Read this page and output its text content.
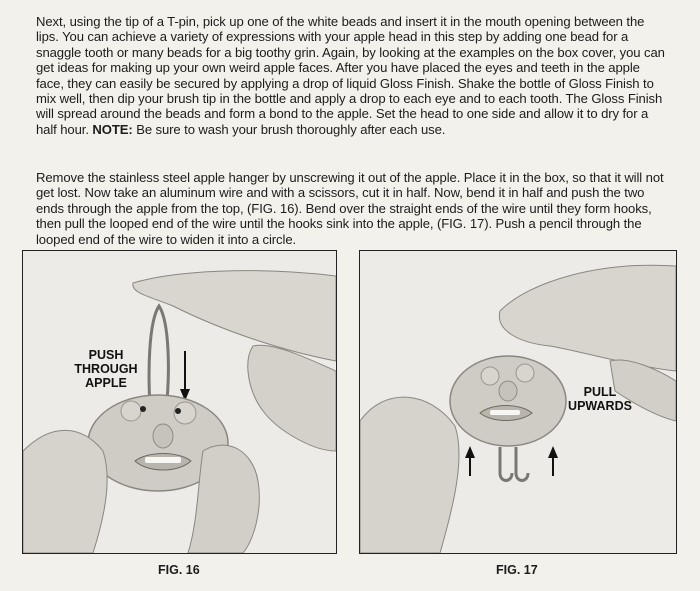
Next, using the tip of a T-pin, pick up one of the white beads and insert it in the mouth opening between the lips. You can achieve a variety of expressions with your apple head in this step by adding one bead for a snaggle tooth or many beads for a big toothy grin. Again, by looking at the examples on the box cover, you can get ideas for making up your own weird apple faces. After you have placed the eyes and teeth in the apple face, they can easily be secured by applying a drop of liquid Gloss Finish. Shake the bottle of Gloss Finish to mix well, then dip your brush tip in the bottle and apply a drop to each eye and to each tooth. The Gloss Finish will spread around the beads and form a bond to the apple. Set the head to one side and allow it to dry for a half hour. NOTE: Be sure to wash your brush thoroughly after each use.

Remove the stainless steel apple hanger by unscrewing it out of the apple. Place it in the box, so that it will not get lost. Now take an aluminum wire and with a scissors, cut it in half. Now, bend it in half and push the two ends through the apple from the top, (FIG. 16). Bend over the straight ends of the wire until they form hooks, then pull the looped end of the wire until the hooks sink into the apple, (FIG. 17). Push a pencil through the looped end of the wire to widen it into a circle.

PUSH
THROUGH
APPLE
FIG. 16
PULL
UPWARDS
FIG. 17
